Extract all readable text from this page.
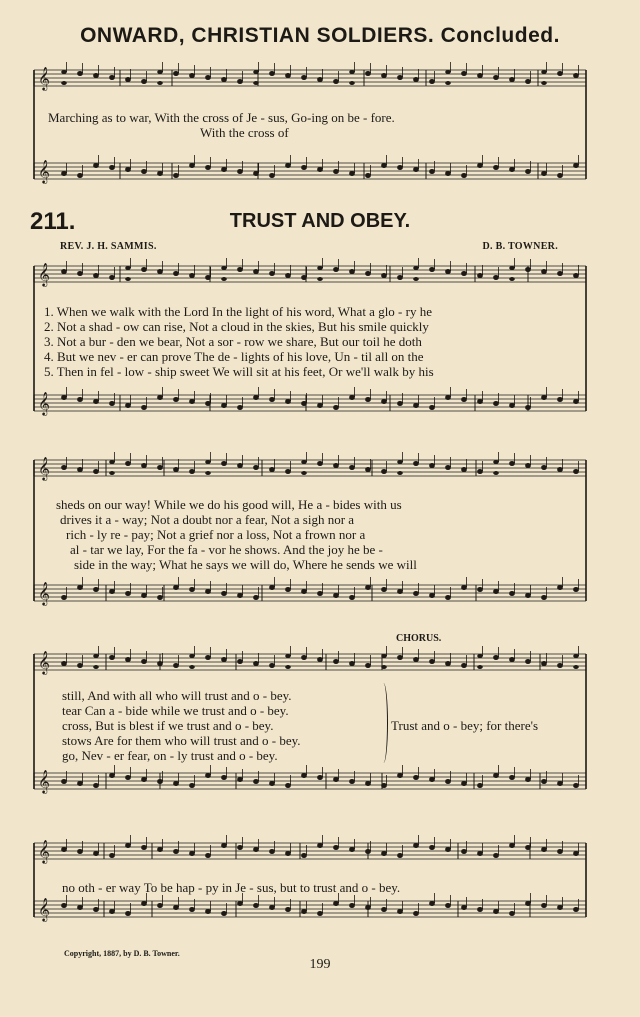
𝄞
𝄞
𝄞
𝄞
𝄞
𝄞
𝄞
𝄞
𝄞
𝄞
ONWARD, CHRISTIAN SOLDIERS. Concluded.
Marching as to war, With the cross of Je - sus, Go-ing on be - fore.
With the cross of
211.	TRUST AND OBEY.
REV. J. H. SAMMIS.	D. B. TOWNER.
1. When we walk with the Lord In the light of his word, What a glo - ry he
2. Not a shad - ow can rise, Not a cloud in the skies, But his smile quickly
3. Not a bur - den we bear, Not a sor - row we share, But our toil he doth
4. But we nev - er can prove The de - lights of his love, Un - til all on the
5. Then in fel - low - ship sweet We will sit at his feet, Or we'll walk by his
sheds on our way! While we do his good will, He a - bides with us
drives it a - way; Not a doubt nor a fear, Not a sigh nor a
rich - ly re - pay; Not a grief nor a loss, Not a frown nor a
al - tar we lay, For the fa - vor he shows. And the joy he be -
side in the way; What he says we will do, Where he sends we will
CHORUS.
still, And with all who will trust and o - bey.
tear Can a - bide while we trust and o - bey.
cross, But is blest if we trust and o - bey.
stows Are for them who will trust and o - bey.
go, Nev - er fear, on - ly trust and o - bey.
Trust and o - bey; for there's
no oth - er way To be hap - py in Je - sus, but to trust and o - bey.
Copyright, 1887, by D. B. Towner.
199
